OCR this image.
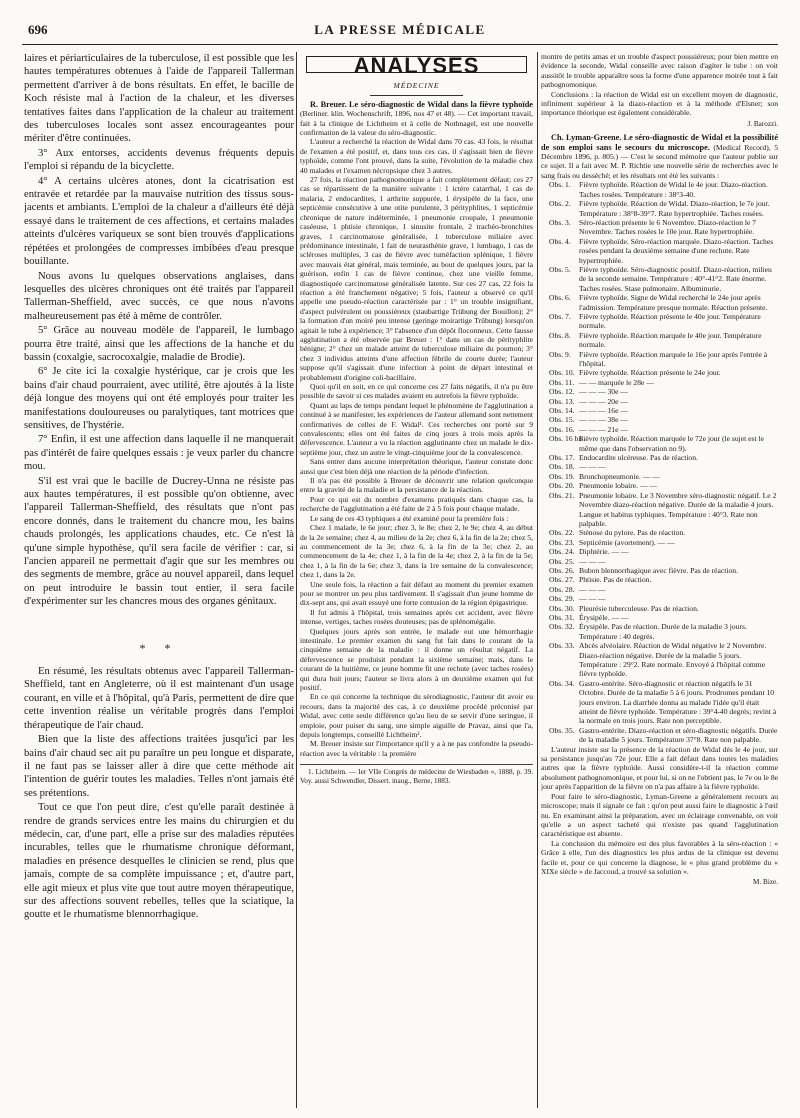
696	LA PRESSE MÉDICALE

laires et périarticulaires de la tuberculose, il est possible que les hautes températures obtenues à l'aide de l'appareil Tallerman permettent d'arriver à de bons résultats. En effet, le bacille de Koch résiste mal à l'action de la chaleur, et les diverses tentatives faites dans l'application de la chaleur au traitement des tuberculoses locales sont assez encourageantes pour mériter d'être continuées.

3° Aux entorses, accidents devenus fréquents depuis l'emploi si répandu de la bicyclette.

4° A certains ulcères atones, dont la cicatrisation est entravée et retardée par la mauvaise nutrition des tissus sous-jacents et ambiants. L'emploi de la chaleur a d'ailleurs été déjà essayé dans le traitement de ces affections, et certains malades atteints d'ulcères variqueux se sont bien trouvés d'applications répétées et prolongées de compresses imbibées d'eau presque bouillante.

Nous avons lu quelques observations anglaises, dans lesquelles des ulcères chroniques ont été traités par l'appareil Tallerman-Sheffield, avec succès, ce que nous n'avons malheureusement pas été à même de contrôler.

5° Grâce au nouveau modèle de l'appareil, le lumbago pourra être traité, ainsi que les affections de la hanche et du bassin (coxalgie, sacrocoxalgie, maladie de Brodie).

6° Je cite ici la coxalgie hystérique, car je crois que les bains d'air chaud pourraient, avec utilité, être ajoutés à la liste déjà longue des moyens qui ont été employés pour traiter les manifestations douloureuses ou paralytiques, tant motrices que sensitives, de l'hystérie.

7° Enfin, il est une affection dans laquelle il ne manquerait pas d'intérêt de faire quelques essais : je veux parler du chancre mou.

S'il est vrai que le bacille de Ducrey-Unna ne résiste pas aux hautes températures, il est possible qu'on obtienne, avec l'appareil Tallerman-Sheffield, des résultats que n'ont pas encore donnés, dans le traitement du chancre mou, les bains chauds prolongés, les applications chaudes, etc. Ce n'est là qu'une simple hypothèse, qu'il sera facile de vérifier : car, si l'ancien appareil ne permettait d'agir que sur les membres ou des segments de membre, grâce au nouvel appareil, dans lequel on peut introduire le bassin tout entier, il sera facile d'expérimenter sur les chancres mous des organes génitaux.

* *

En résumé, les résultats obtenus avec l'appareil Tallerman-Sheffield, tant en Angleterre, où il est maintenant d'un usage courant, en ville et à l'hôpital, qu'à Paris, permettent de dire que cette invention réalise un véritable progrès dans l'emploi thérapeutique de l'air chaud.

Bien que la liste des affections traitées jusqu'ici par les bains d'air chaud sec ait pu paraître un peu longue et disparate, il ne faut pas se laisser aller à dire que cette méthode ait l'intention de guérir toutes les maladies. Telles n'ont jamais été ses prétentions.

Tout ce que l'on peut dire, c'est qu'elle paraît destinée à rendre de grands services entre les mains du chirurgien et du médecin, car, d'une part, elle a prise sur des maladies réputées incurables, telles que le rhumatisme chronique déformant, maladies en présence desquelles le clinicien se rend, plus que jamais, compte de sa complète impuissance ; et, d'autre part, elle agit mieux et plus vite que tout autre moyen thérapeutique, sur des affections souvent rebelles, telles que la sciatique, la goutte et le rhumatisme blennorrhagique.

ANALYSES
MÉDECINE

R. Breuer. Le séro-diagnostic de Widal dans la fièvre typhoïde (Berliner. klin. Wochenschrift, 1896, nos 47 et 48). — Cet important travail, fait à la clinique de Lichtheim et à celle de Nothnagel, est une nouvelle confirmation de la valeur du séro-diagnostic.

L'auteur a recherché la réaction de Widal dans 70 cas. 43 fois, le résultat de l'examen a été positif, et, dans tous ces cas, il s'agissait bien de fièvre typhoïde, comme l'ont prouvé, dans la suite, l'évolution de la maladie chez 40 malades et l'examen nécropsique chez 3 autres.

27 fois, la réaction pathognomonique a fait complètement défaut; ces 27 cas se répartissent de la manière suivante : 1 ictère catarrhal, 1 cas de malaria, 2 endocardites, 1 arthrite suppurée, 1 érysipèle de la face, une septicémie consécutive à une otite purulente, 3 pérityphlites, 1 septicémie chronique de nature indéterminée, 1 pneumonie croupale, 1 pneumonie caséeuse, 1 phtisie chronique, 1 sinusite frontale, 2 trachéo-bronchites graves, 1 carcinomatose généralisée, 1 tuberculose miliaire avec prédominance intestinale, 1 fait de neurasthénie grave, 1 lumbago, 1 cas de scléroses multiples, 3 cas de fièvre avec tuméfaction splénique, 1 fièvre avec mauvais état général, mais terminée, au bout de quelques jours, par la guérison, enfin 1 cas de fièvre continue, chez une vieille femme, diagnostiquée carcinomatose généralisée latente. Sur ces 27 cas, 22 fois la réaction a été franchement négative; 5 fois, l'auteur a observé ce qu'il appelle une pseudo-réaction caractérisée par : 1° un trouble insignifiant, d'aspect pulvérulent ou poussiéreux (staubartige Trübung der Bouillon); 2° la formation d'un moiré peu intense (geringe moirartige Trübung) lorsqu'on agitait le tube à expérience; 3° l'absence d'un dépôt floconneux. Cette fausse agglutination a été observée par Breuer : 1° dans un cas de pérityphlite bénigne; 2° chez un malade atteint de tuberculose miliaire du poumon; 3° chez 3 individus atteints d'une affection fébrile de courte durée; l'auteur suppose qu'il s'agissait d'une infection à point de départ intestinal et probablement d'origine coli-bacillaire.

Quoi qu'il en soit, en ce qui concerne ces 27 faits négatifs, il n'a pu être possible de savoir si ces malades avaient eu autrefois la fièvre typhoïde.

Quant au laps de temps pendant lequel le phénomène de l'agglutination a continué à se manifester, les expériences de l'auteur allemand sont nettement confirmatives de celles de F. Widal¹. Ces recherches ont porté sur 9 convalescents; elles ont été faites de cinq jours à trois mois après la défervescence. L'auteur a vu la réaction agglutinante chez un malade le dix-septième jour, chez un autre le vingt-cinquième jour de la convalescence.

Sans entrer dans aucune interprétation théorique, l'auteur constate donc aussi que c'est bien déjà une réaction de la période d'infection.

Il n'a pas été possible à Breuer de découvrir une relation quelconque entre la gravité de la maladie et la persistance de la réaction.

Pour ce qui est du nombre d'examens pratiqués dans chaque cas, la recherche de l'agglutination a été faite de 2 à 5 fois pour chaque malade.

Le sang de ces 43 typhiques a été examiné pour la première fois :

Chez 1 malade, le 6e jour; chez 3, le 8e; chez 2, le 9e; chez 4, au début de la 2e semaine; chez 4, au milieu de la 2e; chez 6, à la fin de la 2e; chez 5, au commencement de la 3e; chez 6, à la fin de la 3e; chez 2, au commencement de la 4e; chez 1, à la fin de la 4e; chez 2, à la fin de la 5e; chez 1, à la fin de la 6e; chez 3, dans la 1re semaine de la convalescence; chez 1, dans la 2e.

Une seule fois, la réaction a fait défaut au moment du premier examen pour se montrer un peu plus tardivement. Il s'agissait d'un jeune homme de dix-sept ans, qui avait essuyé une forte contusion de la région épigastrique.

Il fut admis à l'hôpital, trois semaines après cet accident, avec fièvre intense, vertiges, taches rosées douteuses; pas de splénomégalie.

Quelques jours après son entrée, le malade eut une hémorrhagie intestinale. Le premier examen du sang fut fait dans le courant de la cinquième semaine de la maladie : il donne un résultat négatif. La défervescence se produisit pendant la sixième semaine; mais, dans le courant de la huitième, ce jeune homme fit une rechute (avec taches rosées) qui dura huit jours; l'auteur se livra alors à un deuxième examen qui fut positif.

En ce qui concerne la technique du sérodiagnostic, l'auteur dit avoir eu recours, dans la majorité des cas, à ce deuxième procédé préconisé par Widal, avec cette seule différence qu'au lieu de se servir d'une seringue, il emploie, pour puiser du sang, une simple aiguille de Pravaz, ainsi que l'a, depuis longtemps, conseillé Lichtheim².

M. Breuer insiste sur l'importance qu'il y a à ne pas confondre la pseudo-réaction avec la véritable : la première

1. Lichtheim. — Ier VIIe Congrès de médecine de Wiesbaden », 1888, p. 39. Voy. aussi Schwendler, Dissert. inaug., Berne, 1883.

montre de petits amas et un trouble d'aspect poussiéreux; pour bien mettre en évidence la seconde, Widal conseille avec raison d'agiter le tube : on voit aussitôt le trouble apparaître sous la forme d'une apparence moirée tout à fait pathognomonique.

Conclusions : la réaction de Widal est un excellent moyen de diagnostic, infiniment supérieur à la diazo-réaction et à la méthode d'Elsner; son importance théorique est également considérable.

J. Barozzi.

Ch. Lyman-Greene. Le séro-diagnostic de Widal et la possibilité de son emploi sans le secours du microscope. (Medical Record), 5 Décembre 1896, p. 805.) — C'est le second mémoire que l'auteur publie sur ce sujet. Il a fait avec M. P. Richtie une nouvelle série de recherches avec le sang frais ou desséché; et les résultats ont été les suivants :

Obs. 1.	Fièvre typhoïde. Réaction de Widal le 4e jour. Diazo-réaction. Taches rosées. Température : 38°3-40.
Obs. 2.	Fièvre typhoïde. Réaction de Widal. Diazo-réaction, le 7e jour. Température : 38°8-39°7. Rate hypertrophiée. Taches rosées.
Obs. 3.	Séro-réaction présente le 6 Novembre. Diazo-réaction le 7 Novembre. Taches rosées le 10e jour. Rate hypertrophiée.
Obs. 4.	Fièvre typhoïde. Séro-réaction marquée. Diazo-réaction. Taches rosées pendant la deuxième semaine d'une rechute. Rate hypertrophiée.
Obs. 5.	Fièvre typhoïde. Séro-diagnostic positif. Diazo-réaction, milieu de la seconde semaine. Température : 40°-41°2. Rate énorme. Taches rosées. Stase pulmonaire. Albuminurie.
Obs. 6.	Fièvre typhoïde. Signe de Widal recherché le 24e jour après l'admission. Température presque normale. Réaction présente.
Obs. 7.	Fièvre typhoïde. Réaction présente le 40e jour. Température normale.
Obs. 8.	Fièvre typhoïde. Réaction marquée le 40e jour. Température normale.
Obs. 9.	Fièvre typhoïde. Réaction marquée le 16e jour après l'entrée à l'hôpital.
Obs. 10. Fièvre typhoïde. Réaction présente le 24e jour.
Obs. 11. — — marquée le 28e —
Obs. 12. — — — 30e —
Obs. 13. — — — 20e —
Obs. 14. — — — 16e —
Obs. 15. — — — 38e —
Obs. 16. — — — 21e —
Obs. 16 bis.
Fièvre typhoïde. Réaction marquée le 72e jour (le sujet est le même que dans l'observation no 9).
Obs. 17. Endocardite ulcéreuse. Pas de réaction.
Obs. 18. — — —
Obs. 19. Bronchopneumonie. — —
Obs. 20. Pneumonie lobaire. — —
Obs. 21. Pneumonie lobaire. Le 3 Novembre séro-diagnostic négatif. Le 2 Novembre diazo-réaction négative. Durée de la maladie 4 jours. Langue et habitus typhiques. Température : 40°3. Rate non palpable.
Obs. 22. Sténose du pylore. Pas de réaction.
Obs. 23. Septicémie (avortement). — —
Obs. 24. Diphtérie. — —
Obs. 25. — — —
Obs. 26. Bubon blennorrhagique avec fièvre. Pas de réaction.
Obs. 27. Phtisie. Pas de réaction.
Obs. 28. — — —
Obs. 29. — — —
Obs. 30. Pleurésie tuberculeuse. Pas de réaction.
Obs. 31. Érysipèle. — —
Obs. 32. Érysipèle. Pas de réaction. Durée de la maladie 3 jours. Température : 40 degrés.
Obs. 33. Abcès alvéolaire. Réaction de Widal négative le 2 Novembre. Diazo-réaction négative. Durée de la maladie 5 jours. Température : 29°2. Rate normale. Envoyé à l'hôpital comme fièvre typhoïde.
Obs. 34. Gastro-entérite. Séro-diagnostic et réaction négatifs le 31 Octobre. Durée de la maladie 5 à 6 jours. Prodromes pendant 10 jours environ. La diarrhée donna au malade l'idée qu'il était atteint de fièvre typhoïde. Température : 39°4-40 degrés; revint à la normale en trois jours. Rate non perceptible.
Obs. 35. Gastro-entérite. Diazo-réaction et séro-diagnostic négatifs. Durée de la maladie 5 jours. Température 37°8. Rate non palpable.

L'auteur insiste sur la présence de la réaction de Widal dès le 4e jour, sur sa persistance jusqu'au 72e jour. Elle a fait défaut dans toutes les maladies autres que la fièvre typhoïde. Aussi considère-t-il la réaction comme absolument pathognomonique, et pour lui, si on ne l'obtient pas, le 7e ou le 8e jour après l'apparition de la fièvre on n'a pas affaire à la fièvre typhoïde.

Pour faire le séro-diagnostic, Lyman-Greene a généralement recours au microscope; mais il signale ce fait : qu'on peut aussi faire le diagnostic à l'œil nu. En examinant ainsi la préparation, avec un éclairage convenable, on voit qu'elle a un aspect tacheté qui n'existe pas quand l'agglutination caractéristique est absente.

La conclusion du mémoire est des plus favorables à la séro-réaction : « Grâce à elle, l'un des diagnostics les plus ardus de la clinique est devenu facile et, pour ce qui concerne la diagnose, le « plus grand problème du « XIXe siècle » de Jaccoud, a trouvé sa solution ».

M. Bize.
